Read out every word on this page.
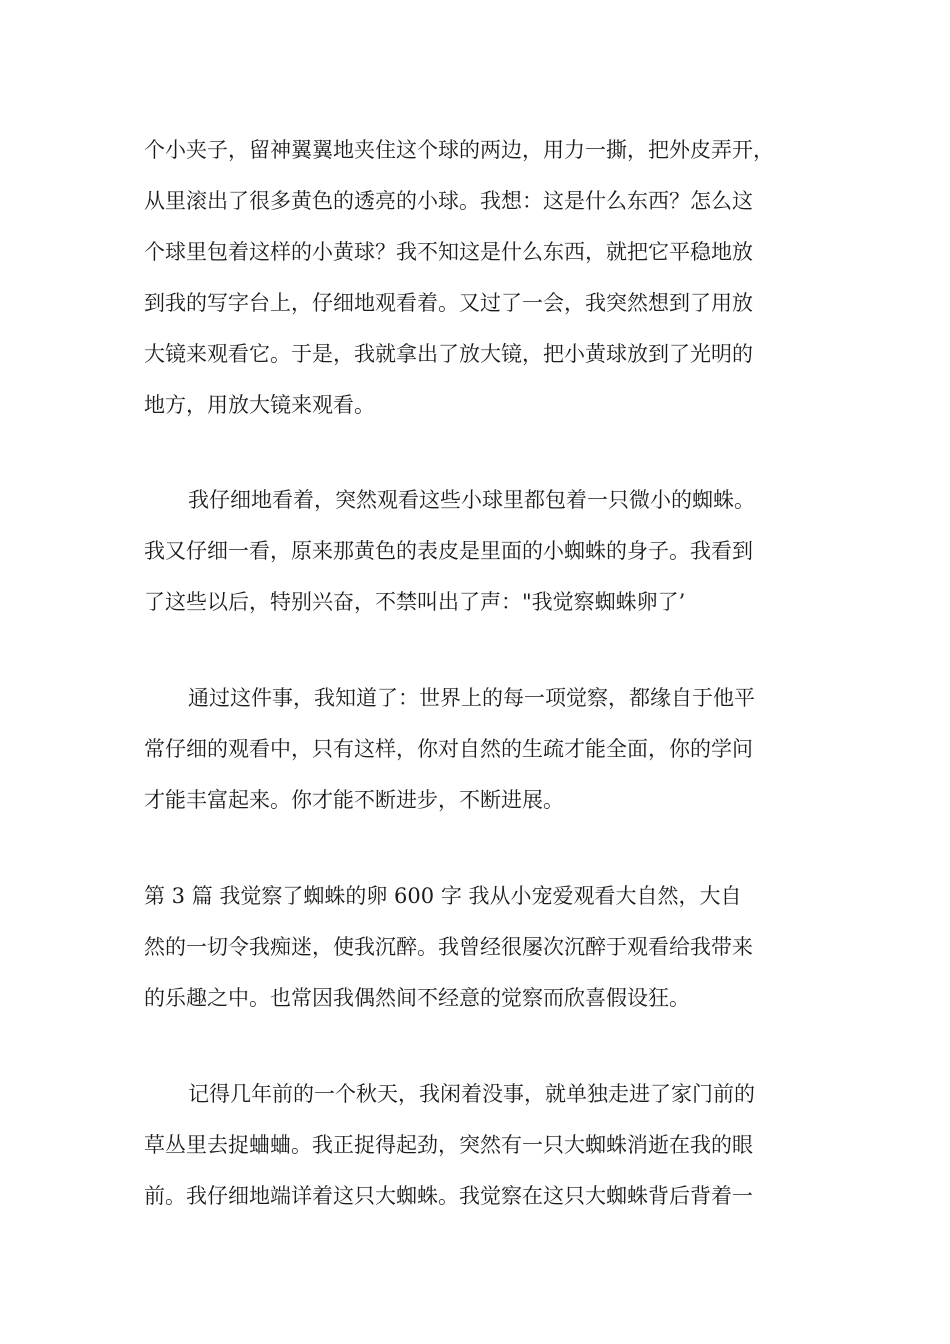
个小夹子，留神翼翼地夹住这个球的两边，用力一撕，把外皮弄开，

从里滚出了很多黄色的透亮的小球。我想：这是什么东西？怎么这

个球里包着这样的小黄球？我不知这是什么东西，就把它平稳地放

到我的写字台上，仔细地观看着。又过了一会，我突然想到了用放

大镜来观看它。于是，我就拿出了放大镜，把小黄球放到了光明的

地方，用放大镜来观看。

我仔细地看着，突然观看这些小球里都包着一只微小的蜘蛛。

我又仔细一看，原来那黄色的表皮是里面的小蜘蛛的身子。我看到

了这些以后，特别兴奋，不禁叫出了声："我觉察蜘蛛卵了’

通过这件事，我知道了：世界上的每一项觉察，都缘自于他平

常仔细的观看中，只有这样，你对自然的生疏才能全面，你的学问

才能丰富起来。你才能不断进步，不断进展。

第 3 篇 我觉察了蜘蛛的卵 600 字 我从小宠爱观看大自然，大自

然的一切令我痴迷，使我沉醉。我曾经很屡次沉醉于观看给我带来

的乐趣之中。也常因我偶然间不经意的觉察而欣喜假设狂。

记得几年前的一个秋天，我闲着没事，就单独走进了家门前的

草丛里去捉蛐蛐。我正捉得起劲，突然有一只大蜘蛛消逝在我的眼

前。我仔细地端详着这只大蜘蛛。我觉察在这只大蜘蛛背后背着一
